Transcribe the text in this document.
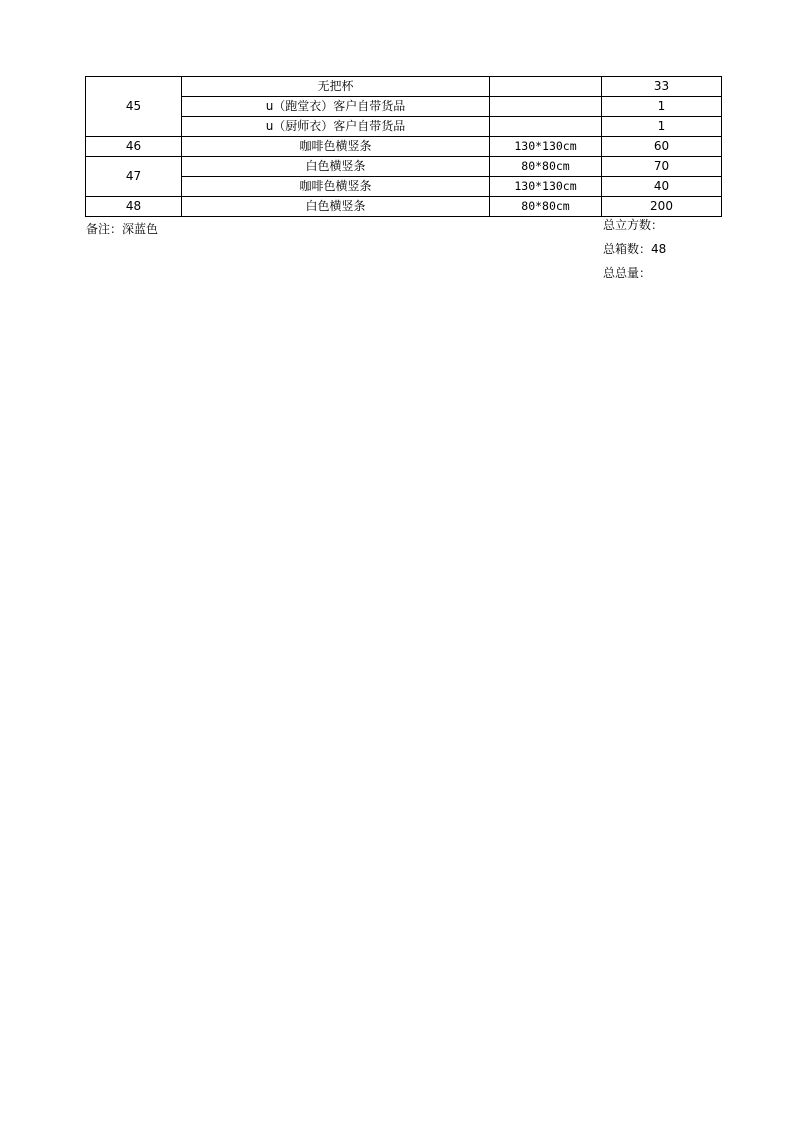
45	无把杯		33
	u（跑堂衣）客户自带货品		1
	u（厨师衣）客户自带货品		1
46	咖啡色横竖条	130*130cm	60
47	白色横竖条	80*80cm	70
	咖啡色横竖条	130*130cm	40
48	白色横竖条	80*80cm	200
备注：深蓝色	总立方数：
总箱数：48
总总量：
